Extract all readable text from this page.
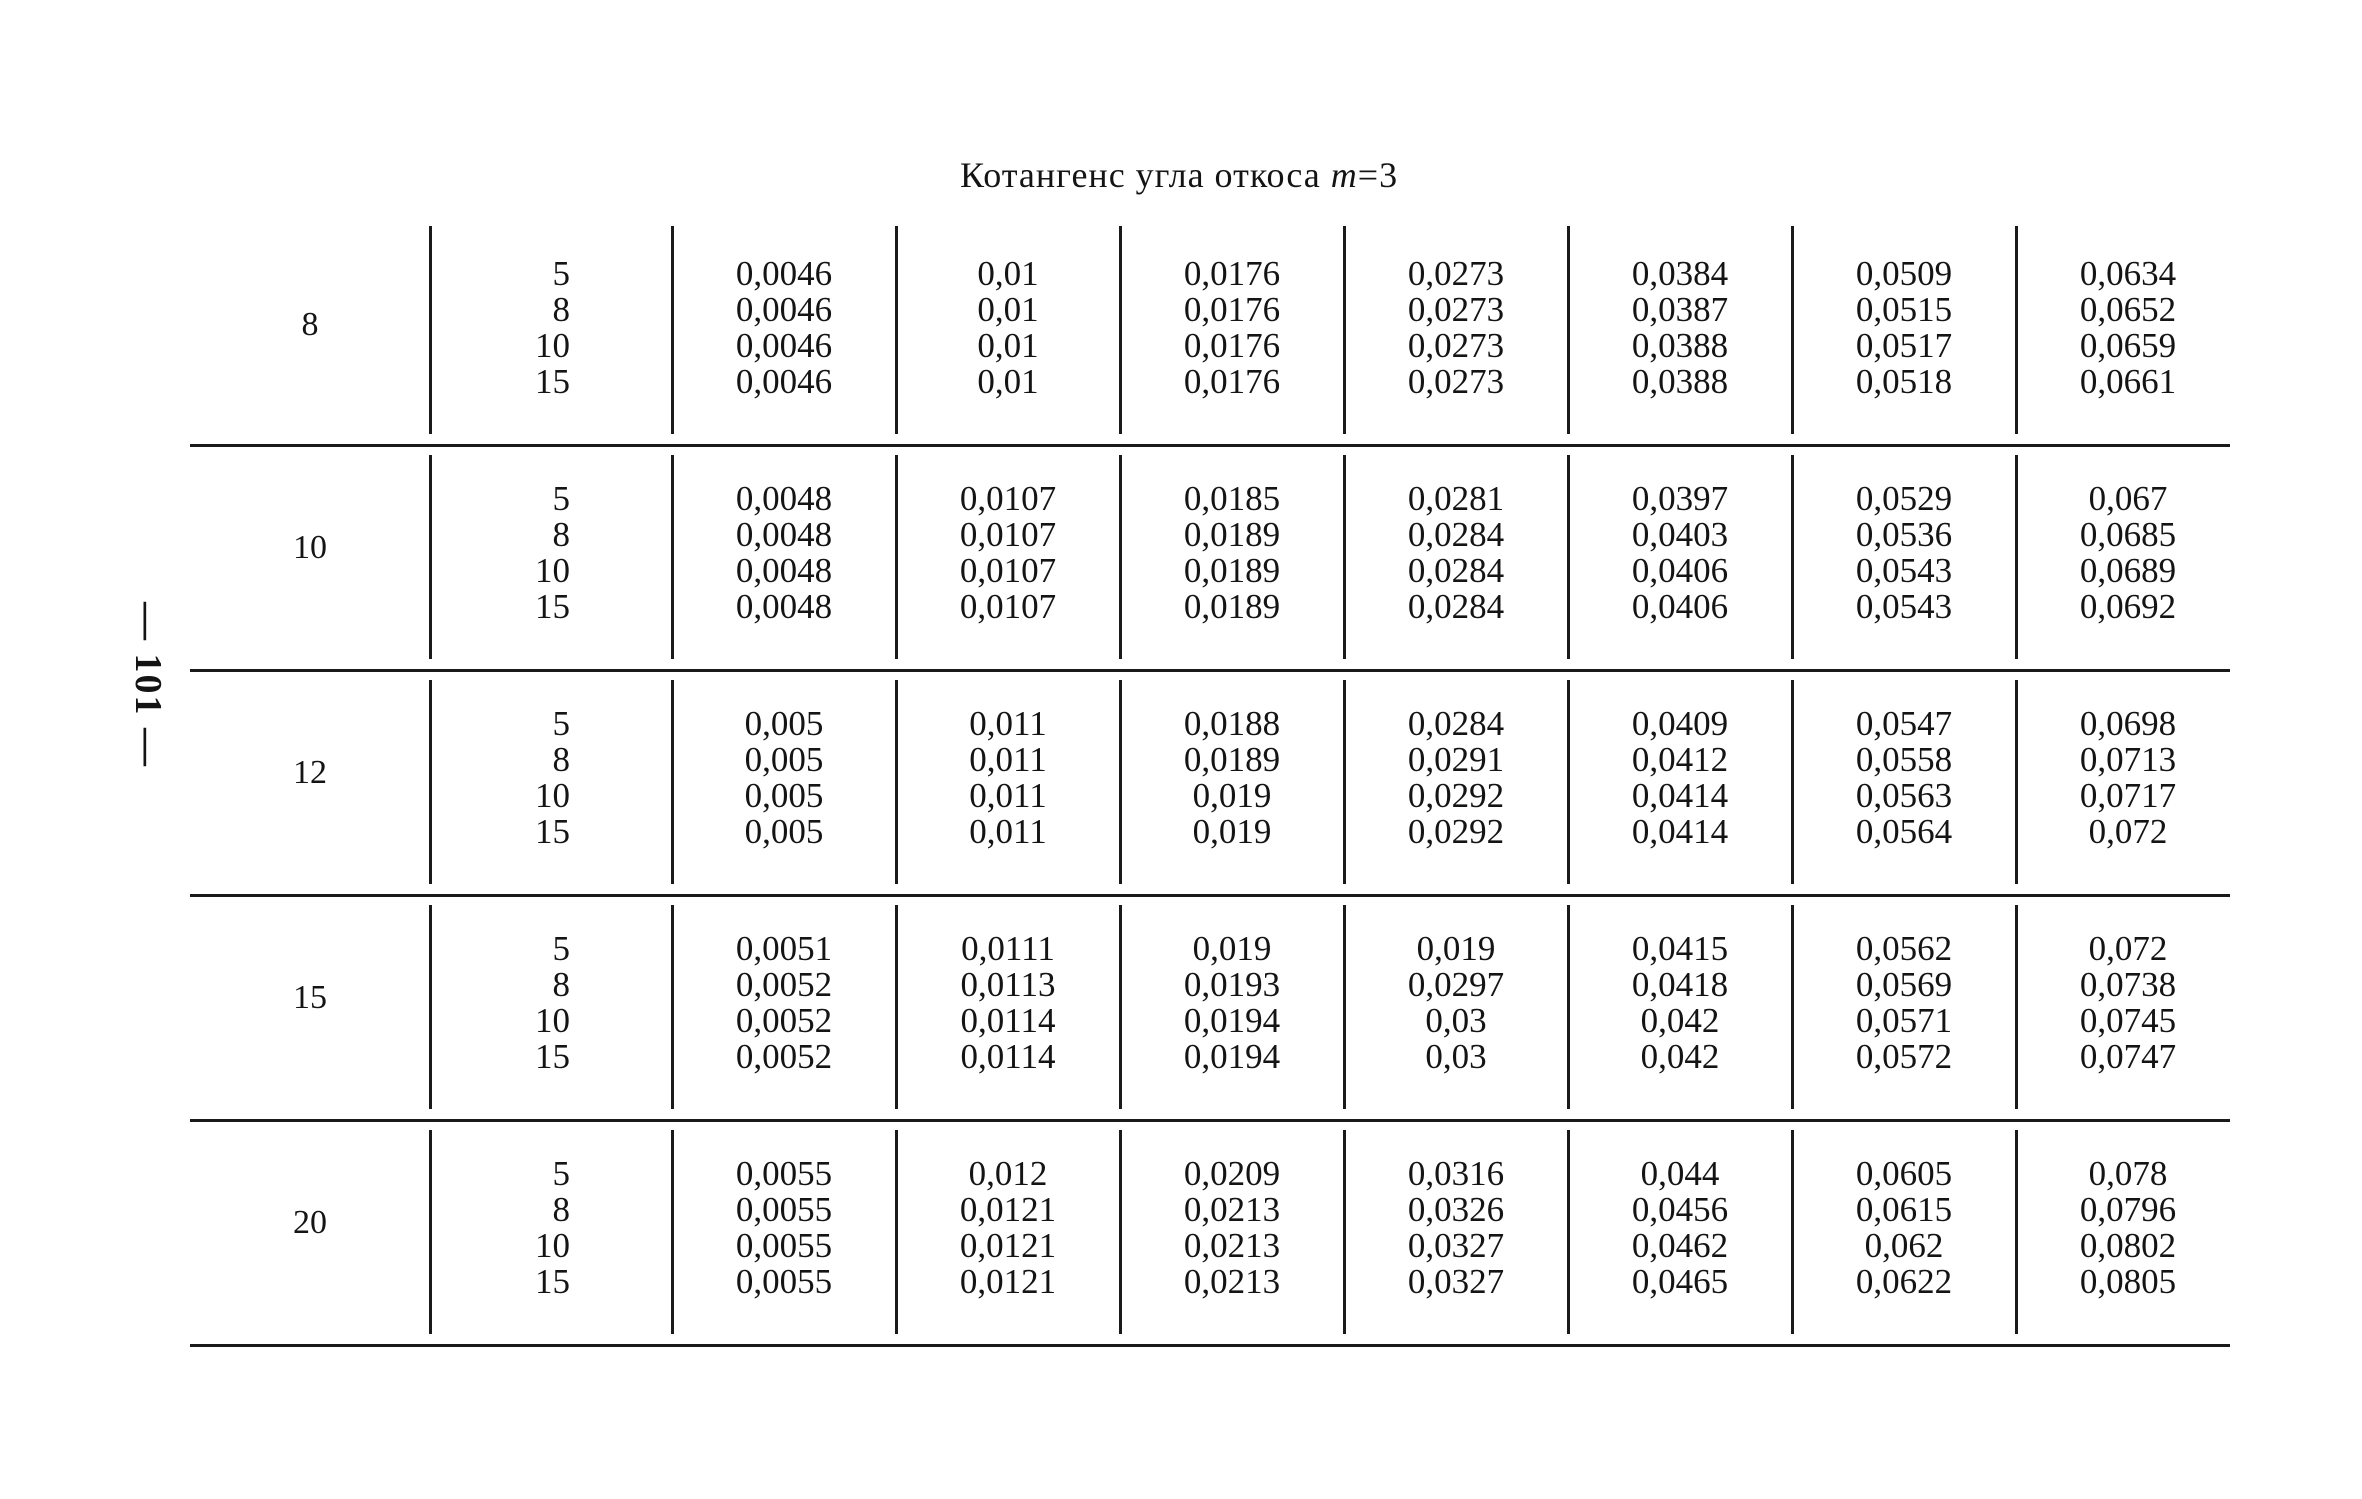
Котангенс угла откоса m=3
— 101 —
8
5
8
10
15
0,0046
0,0046
0,0046
0,0046
0,01
0,01
0,01
0,01
0,0176
0,0176
0,0176
0,0176
0,0273
0,0273
0,0273
0,0273
0,0384
0,0387
0,0388
0,0388
0,0509
0,0515
0,0517
0,0518
0,0634
0,0652
0,0659
0,0661
10
5
8
10
15
0,0048
0,0048
0,0048
0,0048
0,0107
0,0107
0,0107
0,0107
0,0185
0,0189
0,0189
0,0189
0,0281
0,0284
0,0284
0,0284
0,0397
0,0403
0,0406
0,0406
0,0529
0,0536
0,0543
0,0543
0,067
0,0685
0,0689
0,0692
12
5
8
10
15
0,005
0,005
0,005
0,005
0,011
0,011
0,011
0,011
0,0188
0,0189
0,019
0,019
0,0284
0,0291
0,0292
0,0292
0,0409
0,0412
0,0414
0,0414
0,0547
0,0558
0,0563
0,0564
0,0698
0,0713
0,0717
0,072
15
5
8
10
15
0,0051
0,0052
0,0052
0,0052
0,0111
0,0113
0,0114
0,0114
0,019
0,0193
0,0194
0,0194
0,019
0,0297
0,03
0,03
0,0415
0,0418
0,042
0,042
0,0562
0,0569
0,0571
0,0572
0,072
0,0738
0,0745
0,0747
20
5
8
10
15
0,0055
0,0055
0,0055
0,0055
0,012
0,0121
0,0121
0,0121
0,0209
0,0213
0,0213
0,0213
0,0316
0,0326
0,0327
0,0327
0,044
0,0456
0,0462
0,0465
0,0605
0,0615
0,062
0,0622
0,078
0,0796
0,0802
0,0805
